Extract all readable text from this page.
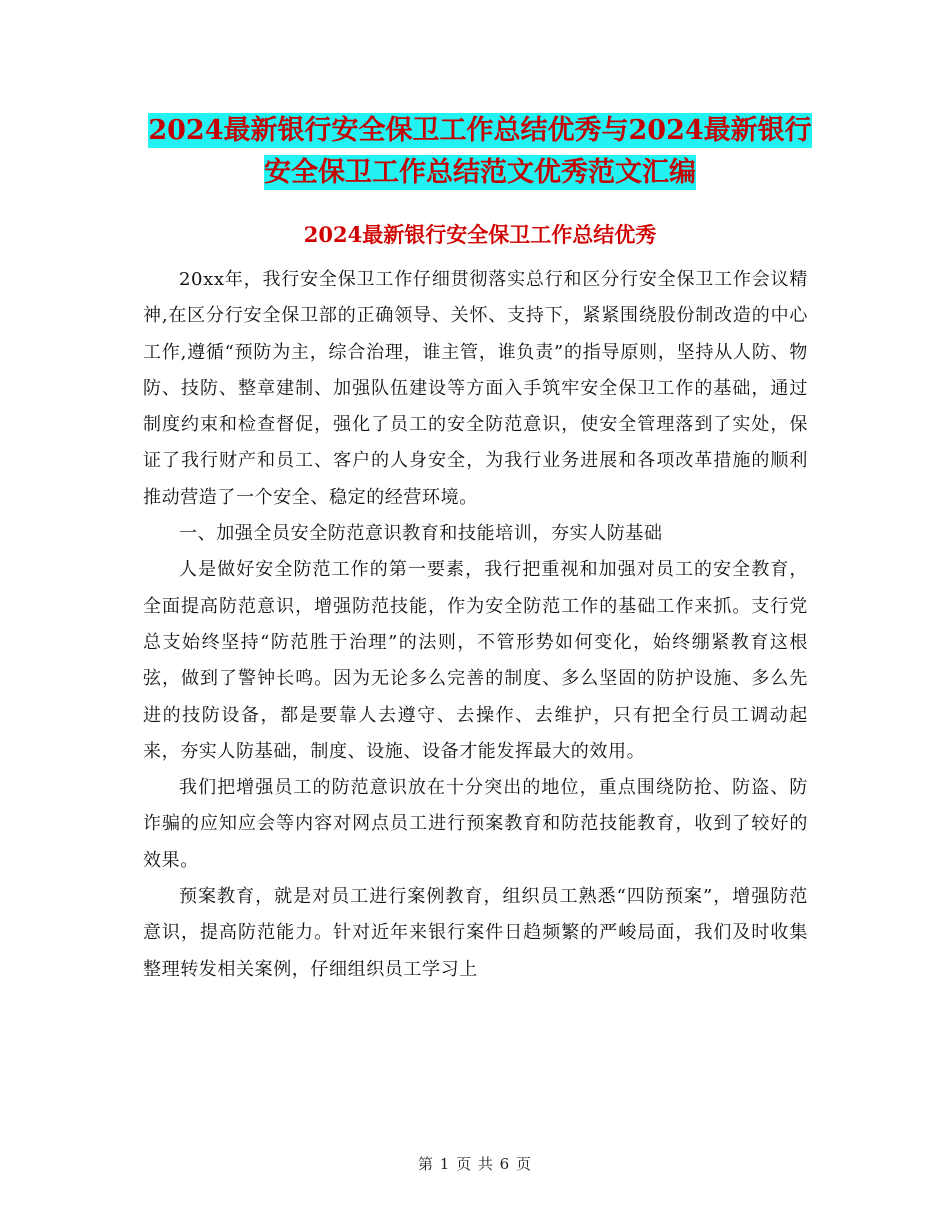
2024最新银行安全保卫工作总结优秀与2024最新银行
安全保卫工作总结范文优秀范文汇编
2024最新银行安全保卫工作总结优秀

20xx年，我行安全保卫工作仔细贯彻落实总行和区分行安全保卫工作会议精神,在区分行安全保卫部的正确领导、关怀、支持下，紧紧围绕股份制改造的中心工作,遵循“预防为主，综合治理，谁主管，谁负责”的指导原则，坚持从人防、物防、技防、整章建制、加强队伍建设等方面入手筑牢安全保卫工作的基础，通过制度约束和检查督促，强化了员工的安全防范意识，使安全管理落到了实处，保证了我行财产和员工、客户的人身安全，为我行业务进展和各项改革措施的顺利推动营造了一个安全、稳定的经营环境。

一、加强全员安全防范意识教育和技能培训，夯实人防基础

人是做好安全防范工作的第一要素，我行把重视和加强对员工的安全教育，全面提高防范意识，增强防范技能，作为安全防范工作的基础工作来抓。支行党总支始终坚持“防范胜于治理”的法则，不管形势如何变化，始终绷紧教育这根弦，做到了警钟长鸣。因为无论多么完善的制度、多么坚固的防护设施、多么先进的技防设备，都是要靠人去遵守、去操作、去维护，只有把全行员工调动起来，夯实人防基础，制度、设施、设备才能发挥最大的效用。

我们把增强员工的防范意识放在十分突出的地位，重点围绕防抢、防盗、防诈骗的应知应会等内容对网点员工进行预案教育和防范技能教育，收到了较好的效果。

预案教育，就是对员工进行案例教育，组织员工熟悉“四防预案”，增强防范意识，提高防范能力。针对近年来银行案件日趋频繁的严峻局面，我们及时收集整理转发相关案例，仔细组织员工学习上

第 1 页 共 6 页
